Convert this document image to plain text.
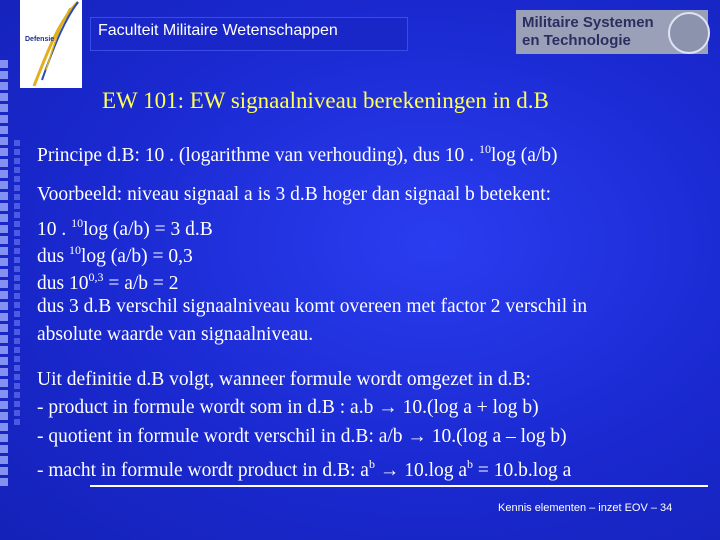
Defensie
Faculteit Militaire Wetenschappen	Militaire Systemen
en Technologie
EW 101: EW signaalniveau berekeningen in d.B
Principe d.B: 10 . (logarithme van verhouding), dus 10 . $^{10}$log (a/b)
Voorbeeld: niveau signaal a is 3 d.B hoger dan signaal b betekent:
10 . $^{10}$log (a/b) = 3 d.B
dus $^{10}$log (a/b) = 0,3
dus $10^{0,3} = a/b = 2$
dus 3 d.B verschil signaalniveau komt overeen met factor 2 verschil in
absolute waarde van signaalniveau.
Uit definitie d.B volgt, wanneer formule wordt omgezet in d.B:
- product in formule wordt som in d.B : a.b → 10.(log a + log b)
- quotient in formule wordt verschil in d.B: a/b → 10.(log a – log b)
- macht in formule wordt product in d.B: $a^b \to 10.\log$ $a^b = 10.b.\log$ a
Kennis elementen – inzet EOV – 34
